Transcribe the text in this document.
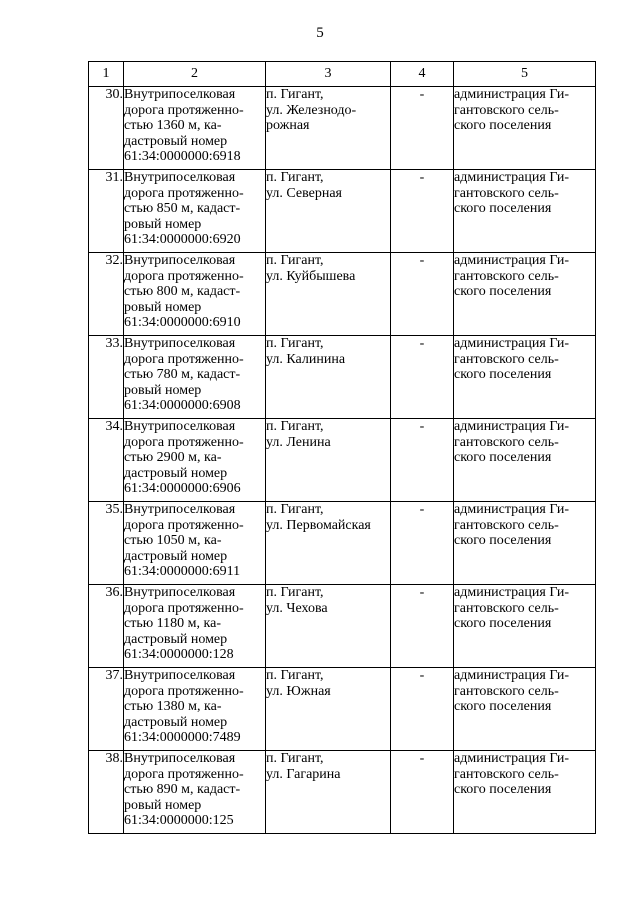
5
1	2	3	4	5
30.	Внутрипоселковая
дорога протяженно-
стью 1360 м, ка-
дастровый номер
61:34:0000000:6918	п. Гигант,
ул. Железнодо-
рожная	-	администрация Ги-
гантовского сель-
ского поселения
31.	Внутрипоселковая
дорога протяженно-
стью 850 м, кадаст-
ровый номер
61:34:0000000:6920	п. Гигант,
ул. Северная	-	администрация Ги-
гантовского сель-
ского поселения
32.	Внутрипоселковая
дорога протяженно-
стью 800 м, кадаст-
ровый номер
61:34:0000000:6910	п. Гигант,
ул. Куйбышева	-	администрация Ги-
гантовского сель-
ского поселения
33.	Внутрипоселковая
дорога протяженно-
стью 780 м, кадаст-
ровый номер
61:34:0000000:6908	п. Гигант,
ул. Калинина	-	администрация Ги-
гантовского сель-
ского поселения
34.	Внутрипоселковая
дорога протяженно-
стью 2900 м, ка-
дастровый номер
61:34:0000000:6906	п. Гигант,
ул. Ленина	-	администрация Ги-
гантовского сель-
ского поселения
35.	Внутрипоселковая
дорога протяженно-
стью 1050 м, ка-
дастровый номер
61:34:0000000:6911	п. Гигант,
ул. Первомайская	-	администрация Ги-
гантовского сель-
ского поселения
36.	Внутрипоселковая
дорога протяженно-
стью 1180 м, ка-
дастровый номер
61:34:0000000:128	п. Гигант,
ул. Чехова	-	администрация Ги-
гантовского сель-
ского поселения
37.	Внутрипоселковая
дорога протяженно-
стью 1380 м, ка-
дастровый номер
61:34:0000000:7489	п. Гигант,
ул. Южная	-	администрация Ги-
гантовского сель-
ского поселения
38.	Внутрипоселковая
дорога протяженно-
стью 890 м, кадаст-
ровый номер
61:34:0000000:125	п. Гигант,
ул. Гагарина	-	администрация Ги-
гантовского сель-
ского поселения
